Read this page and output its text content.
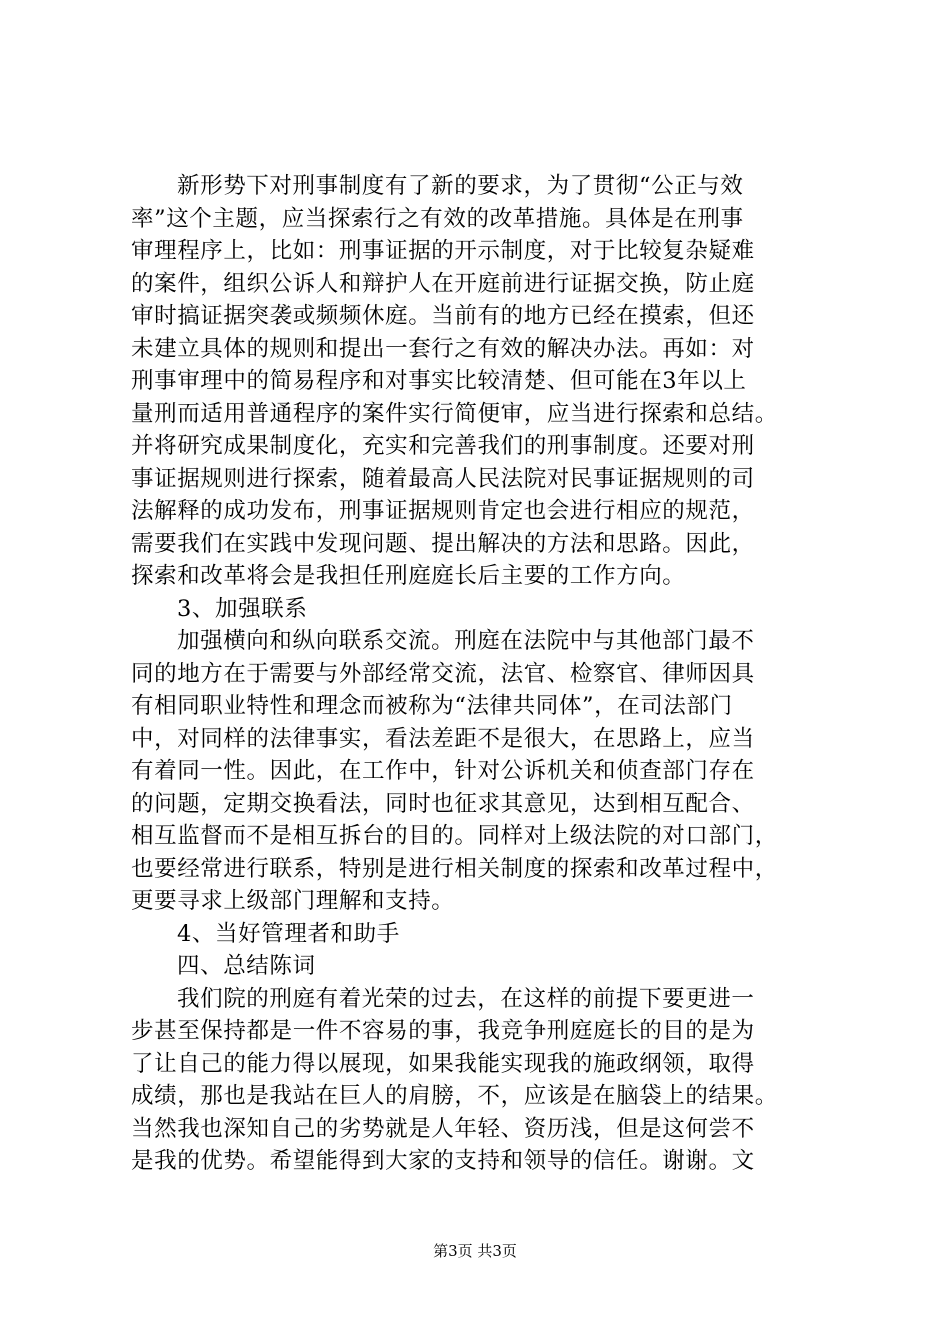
新形势下对刑事制度有了新的要求，为了贯彻“公正与效
率”这个主题，应当探索行之有效的改革措施。具体是在刑事
审理程序上，比如：刑事证据的开示制度，对于比较复杂疑难
的案件，组织公诉人和辩护人在开庭前进行证据交换，防止庭
审时搞证据突袭或频频休庭。当前有的地方已经在摸索，但还
未建立具体的规则和提出一套行之有效的解决办法。再如：对
刑事审理中的简易程序和对事实比较清楚、但可能在3年以上
量刑而适用普通程序的案件实行简便审，应当进行探索和总结。
并将研究成果制度化，充实和完善我们的刑事制度。还要对刑
事证据规则进行探索，随着最高人民法院对民事证据规则的司
法解释的成功发布，刑事证据规则肯定也会进行相应的规范，
需要我们在实践中发现问题、提出解决的方法和思路。因此，
探索和改革将会是我担任刑庭庭长后主要的工作方向。
3、加强联系
加强横向和纵向联系交流。刑庭在法院中与其他部门最不
同的地方在于需要与外部经常交流，法官、检察官、律师因具
有相同职业特性和理念而被称为“法律共同体”，在司法部门
中，对同样的法律事实，看法差距不是很大，在思路上，应当
有着同一性。因此，在工作中，针对公诉机关和侦查部门存在
的问题，定期交换看法，同时也征求其意见，达到相互配合、
相互监督而不是相互拆台的目的。同样对上级法院的对口部门，
也要经常进行联系，特别是进行相关制度的探索和改革过程中，
更要寻求上级部门理解和支持。
4、当好管理者和助手
四、总结陈词
我们院的刑庭有着光荣的过去，在这样的前提下要更进一
步甚至保持都是一件不容易的事，我竞争刑庭庭长的目的是为
了让自己的能力得以展现，如果我能实现我的施政纲领，取得
成绩，那也是我站在巨人的肩膀，不，应该是在脑袋上的结果。
当然我也深知自己的劣势就是人年轻、资历浅，但是这何尝不
是我的优势。希望能得到大家的支持和领导的信任。谢谢。文
第3页 共3页
